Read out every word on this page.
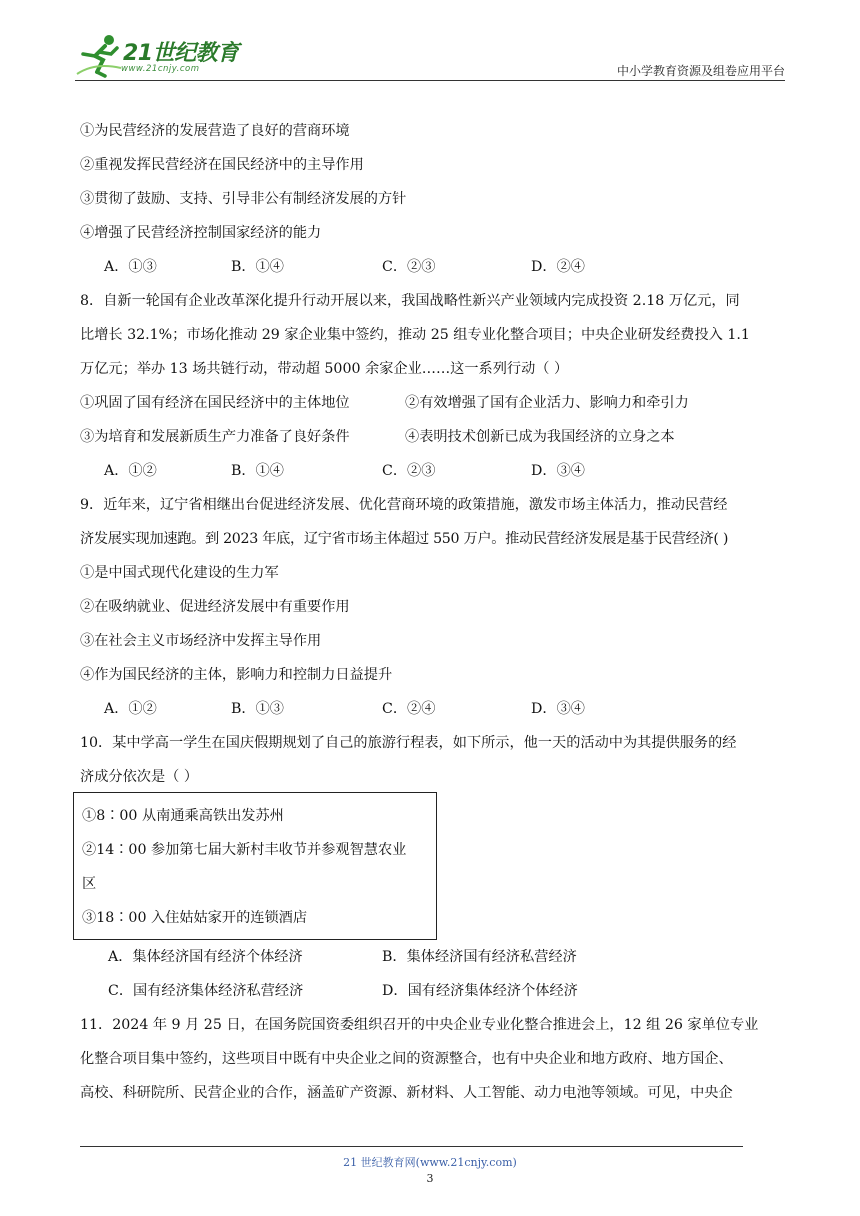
21世纪教育
www.21cnjy.com	中小学教育资源及组卷应用平台
①为民营经济的发展营造了良好的营商环境
②重视发挥民营经济在国民经济中的主导作用
③贯彻了鼓励、支持、引导非公有制经济发展的方针
④增强了民营经济控制国家经济的能力
A．①③	B．①④	C．②③	D．②④
8．自新一轮国有企业改革深化提升行动开展以来，我国战略性新兴产业领域内完成投资 2.18 万亿元，同
比增长 32.1%；市场化推动 29 家企业集中签约，推动 25 组专业化整合项目；中央企业研发经费投入 1.1
万亿元；举办 13 场共链行动，带动超 5000 余家企业……这一系列行动（ ）
①巩固了国有经济在国民经济中的主体地位	②有效增强了国有企业活力、影响力和牵引力
③为培育和发展新质生产力准备了良好条件	④表明技术创新已成为我国经济的立身之本
A．①②	B．①④	C．②③	D．③④
9．近年来，辽宁省相继出台促进经济发展、优化营商环境的政策措施，激发市场主体活力，推动民营经
济发展实现加速跑。到 2023 年底，辽宁省市场主体超过 550 万户。推动民营经济发展是基于民营经济( )
①是中国式现代化建设的生力军
②在吸纳就业、促进经济发展中有重要作用
③在社会主义市场经济中发挥主导作用
④作为国民经济的主体，影响力和控制力日益提升
A．①②	B．①③	C．②④	D．③④
10．某中学高一学生在国庆假期规划了自己的旅游行程表，如下所示，他一天的活动中为其提供服务的经
济成分依次是（ ）
①8∶00 从南通乘高铁出发苏州
②14∶00 参加第七届大新村丰收节并参观智慧农业
区
③18∶00 入住姑姑家开的连锁酒店
A．集体经济国有经济个体经济	B．集体经济国有经济私营经济
C．国有经济集体经济私营经济	D．国有经济集体经济个体经济
11．2024 年 9 月 25 日，在国务院国资委组织召开的中央企业专业化整合推进会上，12 组 26 家单位专业
化整合项目集中签约，这些项目中既有中央企业之间的资源整合，也有中央企业和地方政府、地方国企、
高校、科研院所、民营企业的合作，涵盖矿产资源、新材料、人工智能、动力电池等领域。可见，中央企
21 世纪教育网(www.21cnjy.com)
3
